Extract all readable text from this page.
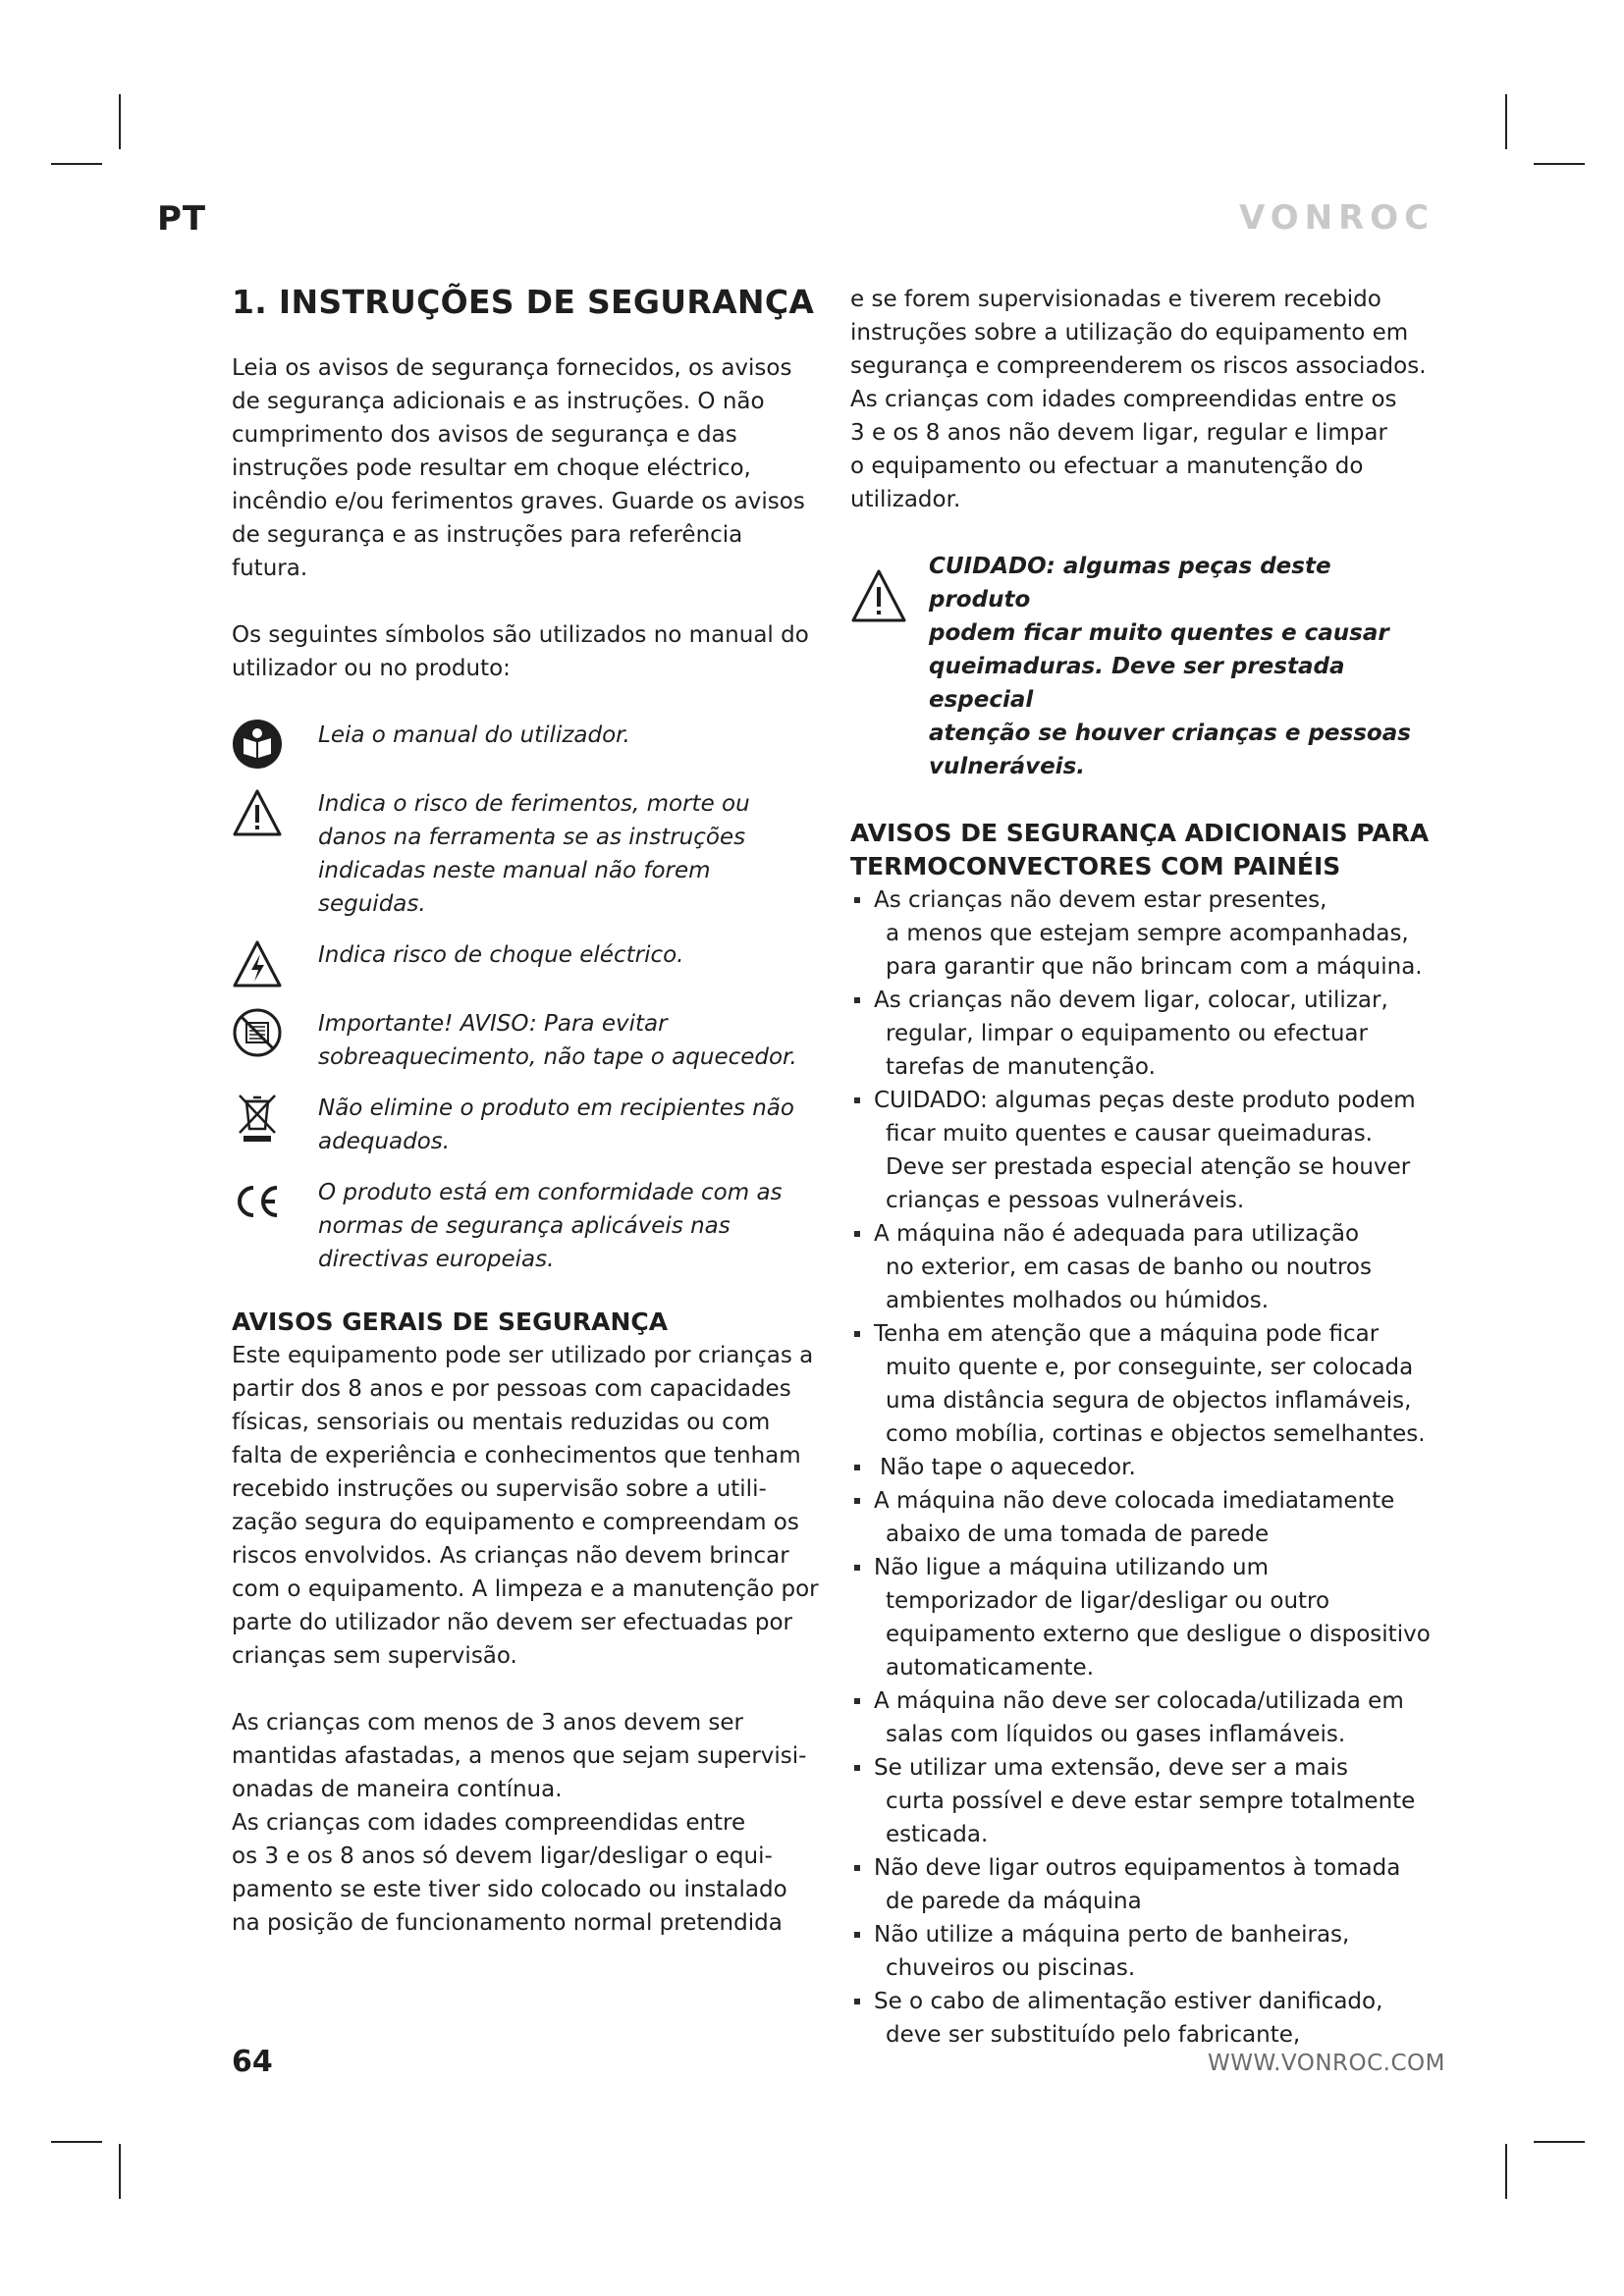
PT	VONROC
1. INSTRUÇÕES DE SEGURANÇA

Leia os avisos de segurança fornecidos, os avisos
de segurança adicionais e as instruções. O não
cumprimento dos avisos de segurança e das
instruções pode resultar em choque eléctrico,
incêndio e/ou ferimentos graves. Guarde os avisos
de segurança e as instruções para referência
futura.

Os seguintes símbolos são utilizados no manual do
utilizador ou no produto:

Leia o manual do utilizador.
Indica o risco de ferimentos, morte ou
danos na ferramenta se as instruções
indicadas neste manual não forem
seguidas.
Indica risco de choque eléctrico.
Importante! AVISO: Para evitar
sobreaquecimento, não tape o aquecedor.
Não elimine o produto em recipientes não
adequados.
O produto está em conformidade com as
normas de segurança aplicáveis nas
directivas europeias.
AVISOS GERAIS DE SEGURANÇA

Este equipamento pode ser utilizado por crianças a
partir dos 8 anos e por pessoas com capacidades
físicas, sensoriais ou mentais reduzidas ou com
falta de experiência e conhecimentos que tenham
recebido instruções ou supervisão sobre a utili-
zação segura do equipamento e compreendam os
riscos envolvidos. As crianças não devem brincar
com o equipamento. A limpeza e a manutenção por
parte do utilizador não devem ser efectuadas por
crianças sem supervisão.

As crianças com menos de 3 anos devem ser
mantidas afastadas, a menos que sejam supervisi-
onadas de maneira contínua.
As crianças com idades compreendidas entre
os 3 e os 8 anos só devem ligar/desligar o equi-
pamento se este tiver sido colocado ou instalado
na posição de funcionamento normal pretendida

e se forem supervisionadas e tiverem recebido
instruções sobre a utilização do equipamento em
segurança e compreenderem os riscos associados.
As crianças com idades compreendidas entre os
3 e os 8 anos não devem ligar, regular e limpar
o equipamento ou efectuar a manutenção do
utilizador.

CUIDADO: algumas peças deste produto
podem ficar muito quentes e causar
queimaduras. Deve ser prestada especial
atenção se houver crianças e pessoas
vulneráveis.
AVISOS DE SEGURANÇA ADICIONAIS PARA
TERMOCONVECTORES COM PAINÉIS
As crianças não devem estar presentes,
a menos que estejam sempre acompanhadas,
para garantir que não brincam com a máquina.
As crianças não devem ligar, colocar, utilizar,
regular, limpar o equipamento ou efectuar
tarefas de manutenção.
CUIDADO: algumas peças deste produto podem
ficar muito quentes e causar queimaduras.
Deve ser prestada especial atenção se houver
crianças e pessoas vulneráveis.
A máquina não é adequada para utilização
no exterior, em casas de banho ou noutros
ambientes molhados ou húmidos.
Tenha em atenção que a máquina pode ficar
muito quente e, por conseguinte, ser colocada
uma distância segura de objectos inflamáveis,
como mobília, cortinas e objectos semelhantes.
Não tape o aquecedor.
A máquina não deve colocada imediatamente
abaixo de uma tomada de parede
Não ligue a máquina utilizando um
temporizador de ligar/desligar ou outro
equipamento externo que desligue o dispositivo
automaticamente.
A máquina não deve ser colocada/utilizada em
salas com líquidos ou gases inflamáveis.
Se utilizar uma extensão, deve ser a mais
curta possível e deve estar sempre totalmente
esticada.
Não deve ligar outros equipamentos à tomada
de parede da máquina
Não utilize a máquina perto de banheiras,
chuveiros ou piscinas.
Se o cabo de alimentação estiver danificado,
deve ser substituído pelo fabricante,
64	WWW.VONROC.COM
